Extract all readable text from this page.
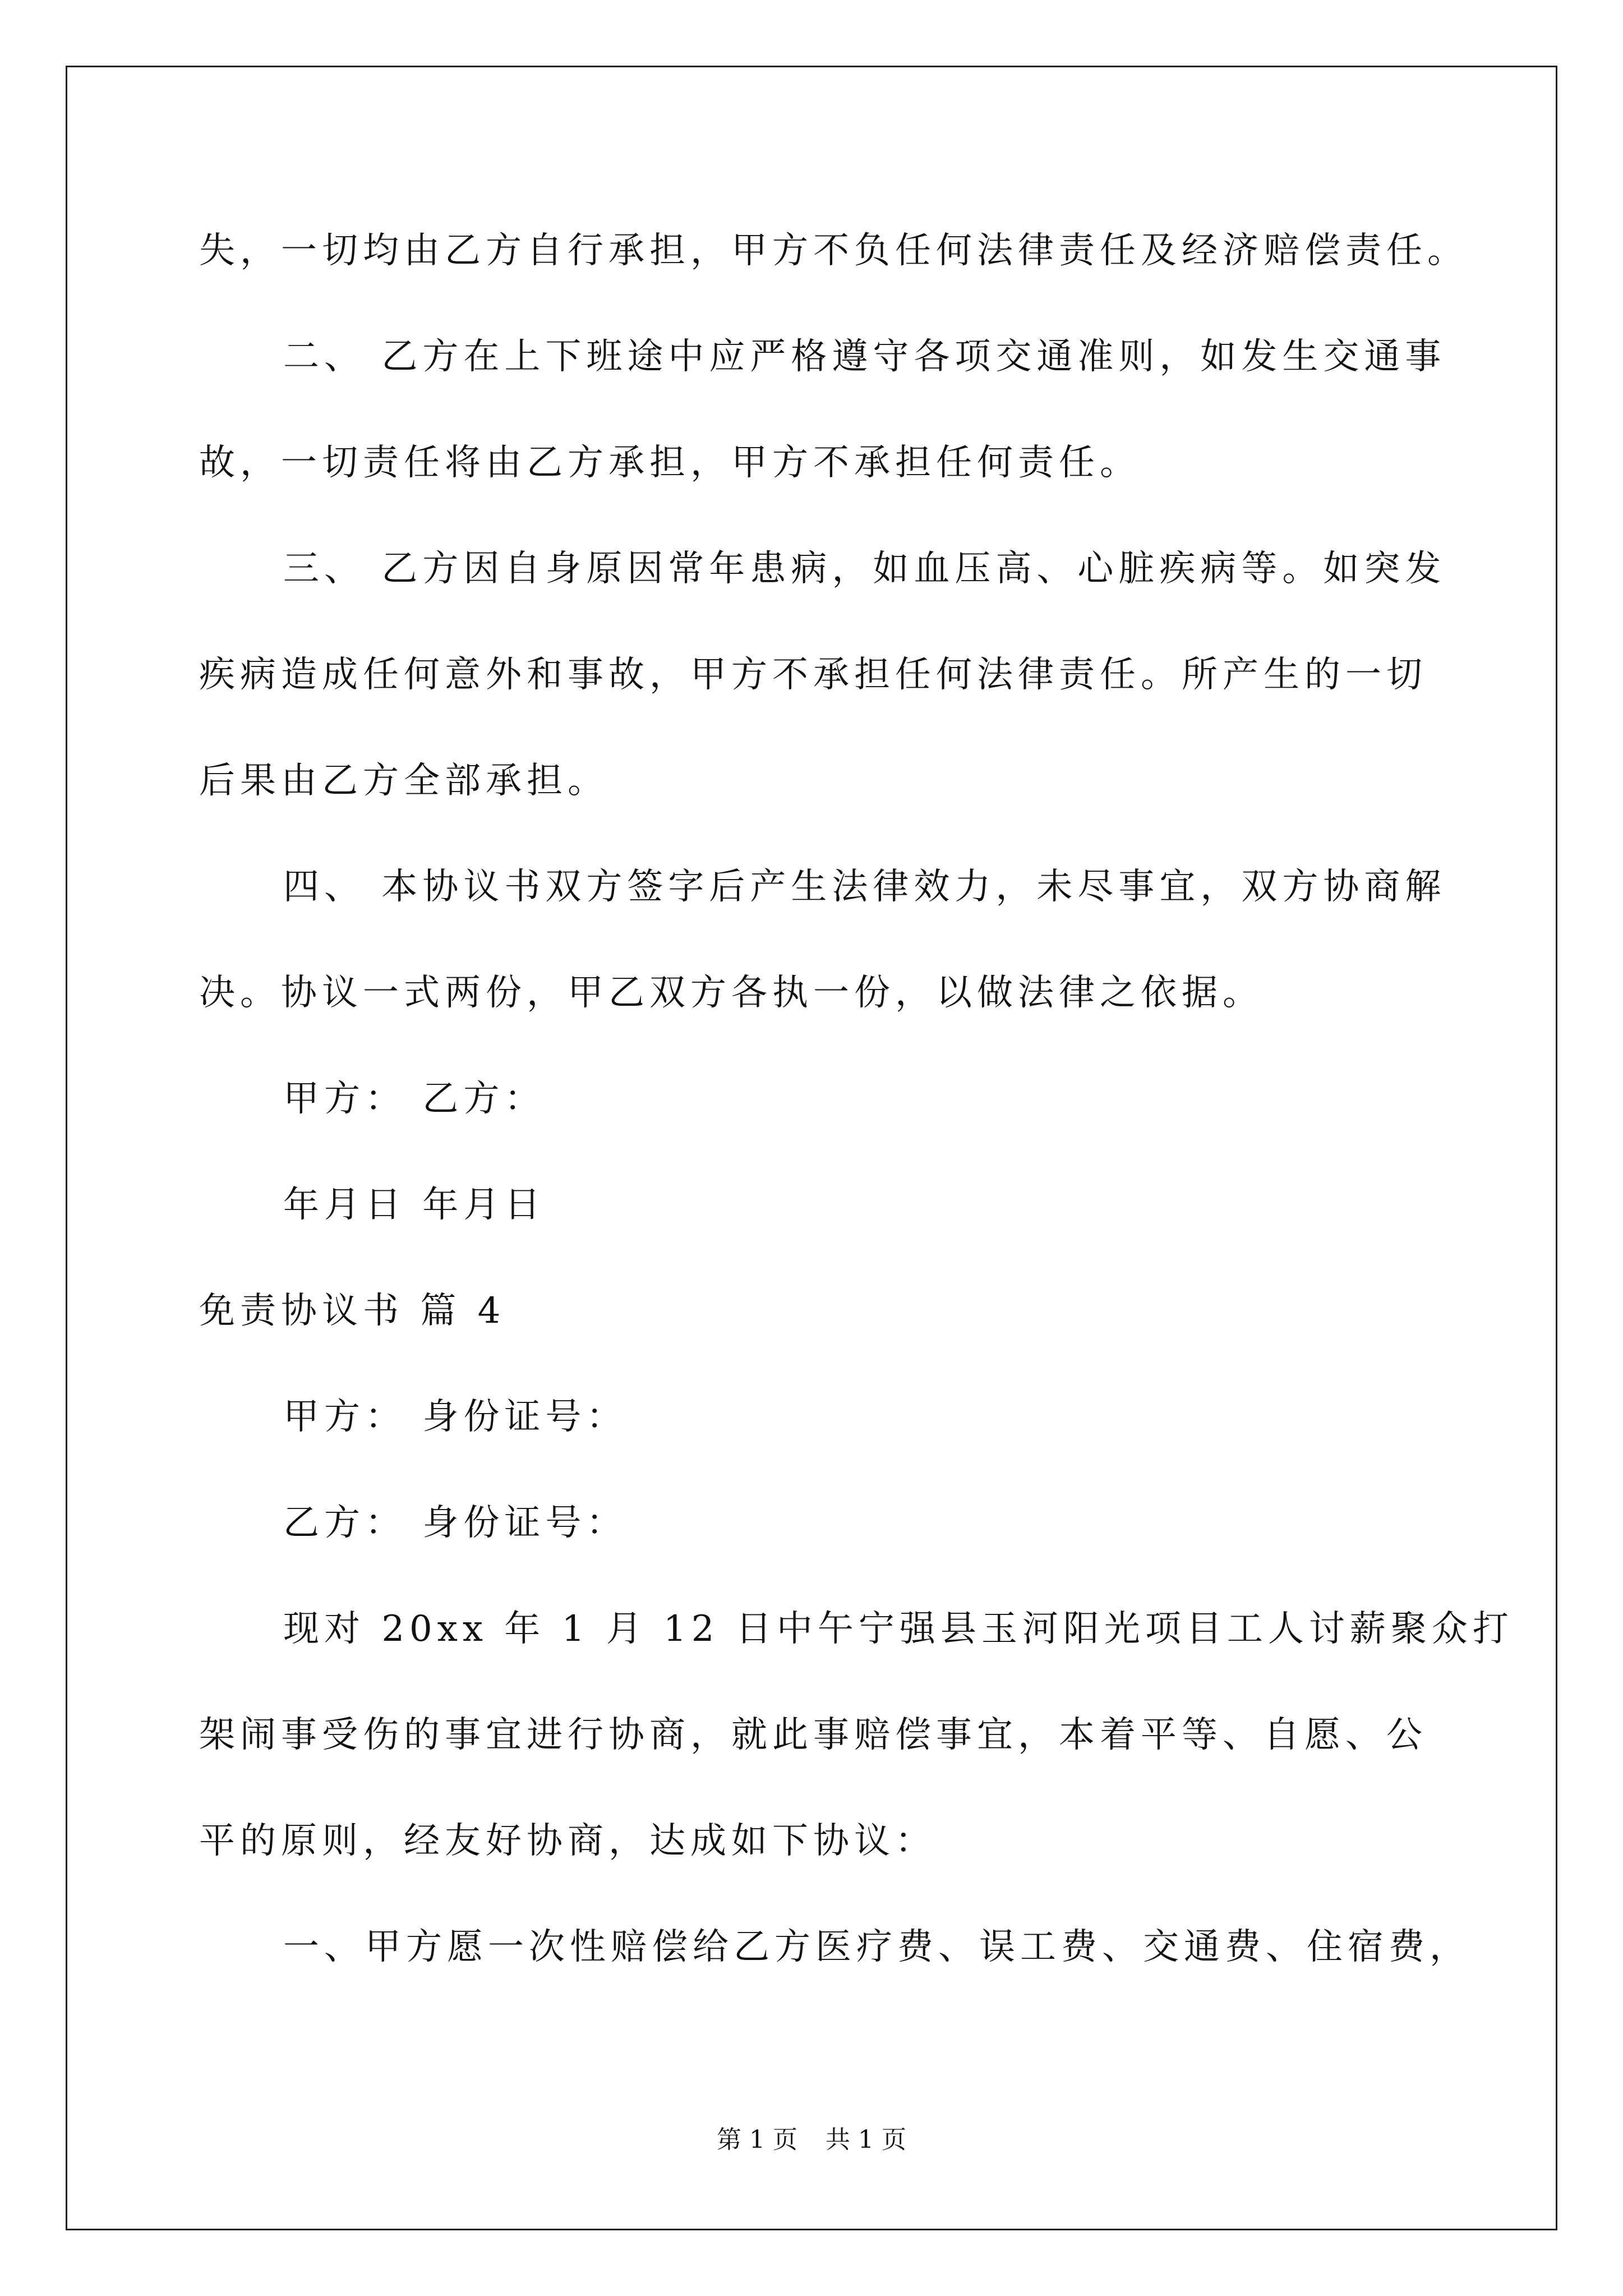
失，一切均由乙方自行承担，甲方不负任何法律责任及经济赔偿责任。
二、 乙方在上下班途中应严格遵守各项交通准则，如发生交通事
故，一切责任将由乙方承担，甲方不承担任何责任。
三、 乙方因自身原因常年患病，如血压高、心脏疾病等。如突发
疾病造成任何意外和事故，甲方不承担任何法律责任。所产生的一切
后果由乙方全部承担。
四、 本协议书双方签字后产生法律效力，未尽事宜，双方协商解
决。协议一式两份，甲乙双方各执一份，以做法律之依据。
甲方： 乙方：
年月日 年月日
免责协议书 篇 4
甲方： 身份证号：
乙方： 身份证号：
现对 20xx 年 1 月 12 日中午宁强县玉河阳光项目工人讨薪聚众打
架闹事受伤的事宜进行协商，就此事赔偿事宜，本着平等、自愿、公
平的原则，经友好协商，达成如下协议：
一、甲方愿一次性赔偿给乙方医疗费、误工费、交通费、住宿费，
第 1 页 共 1 页
